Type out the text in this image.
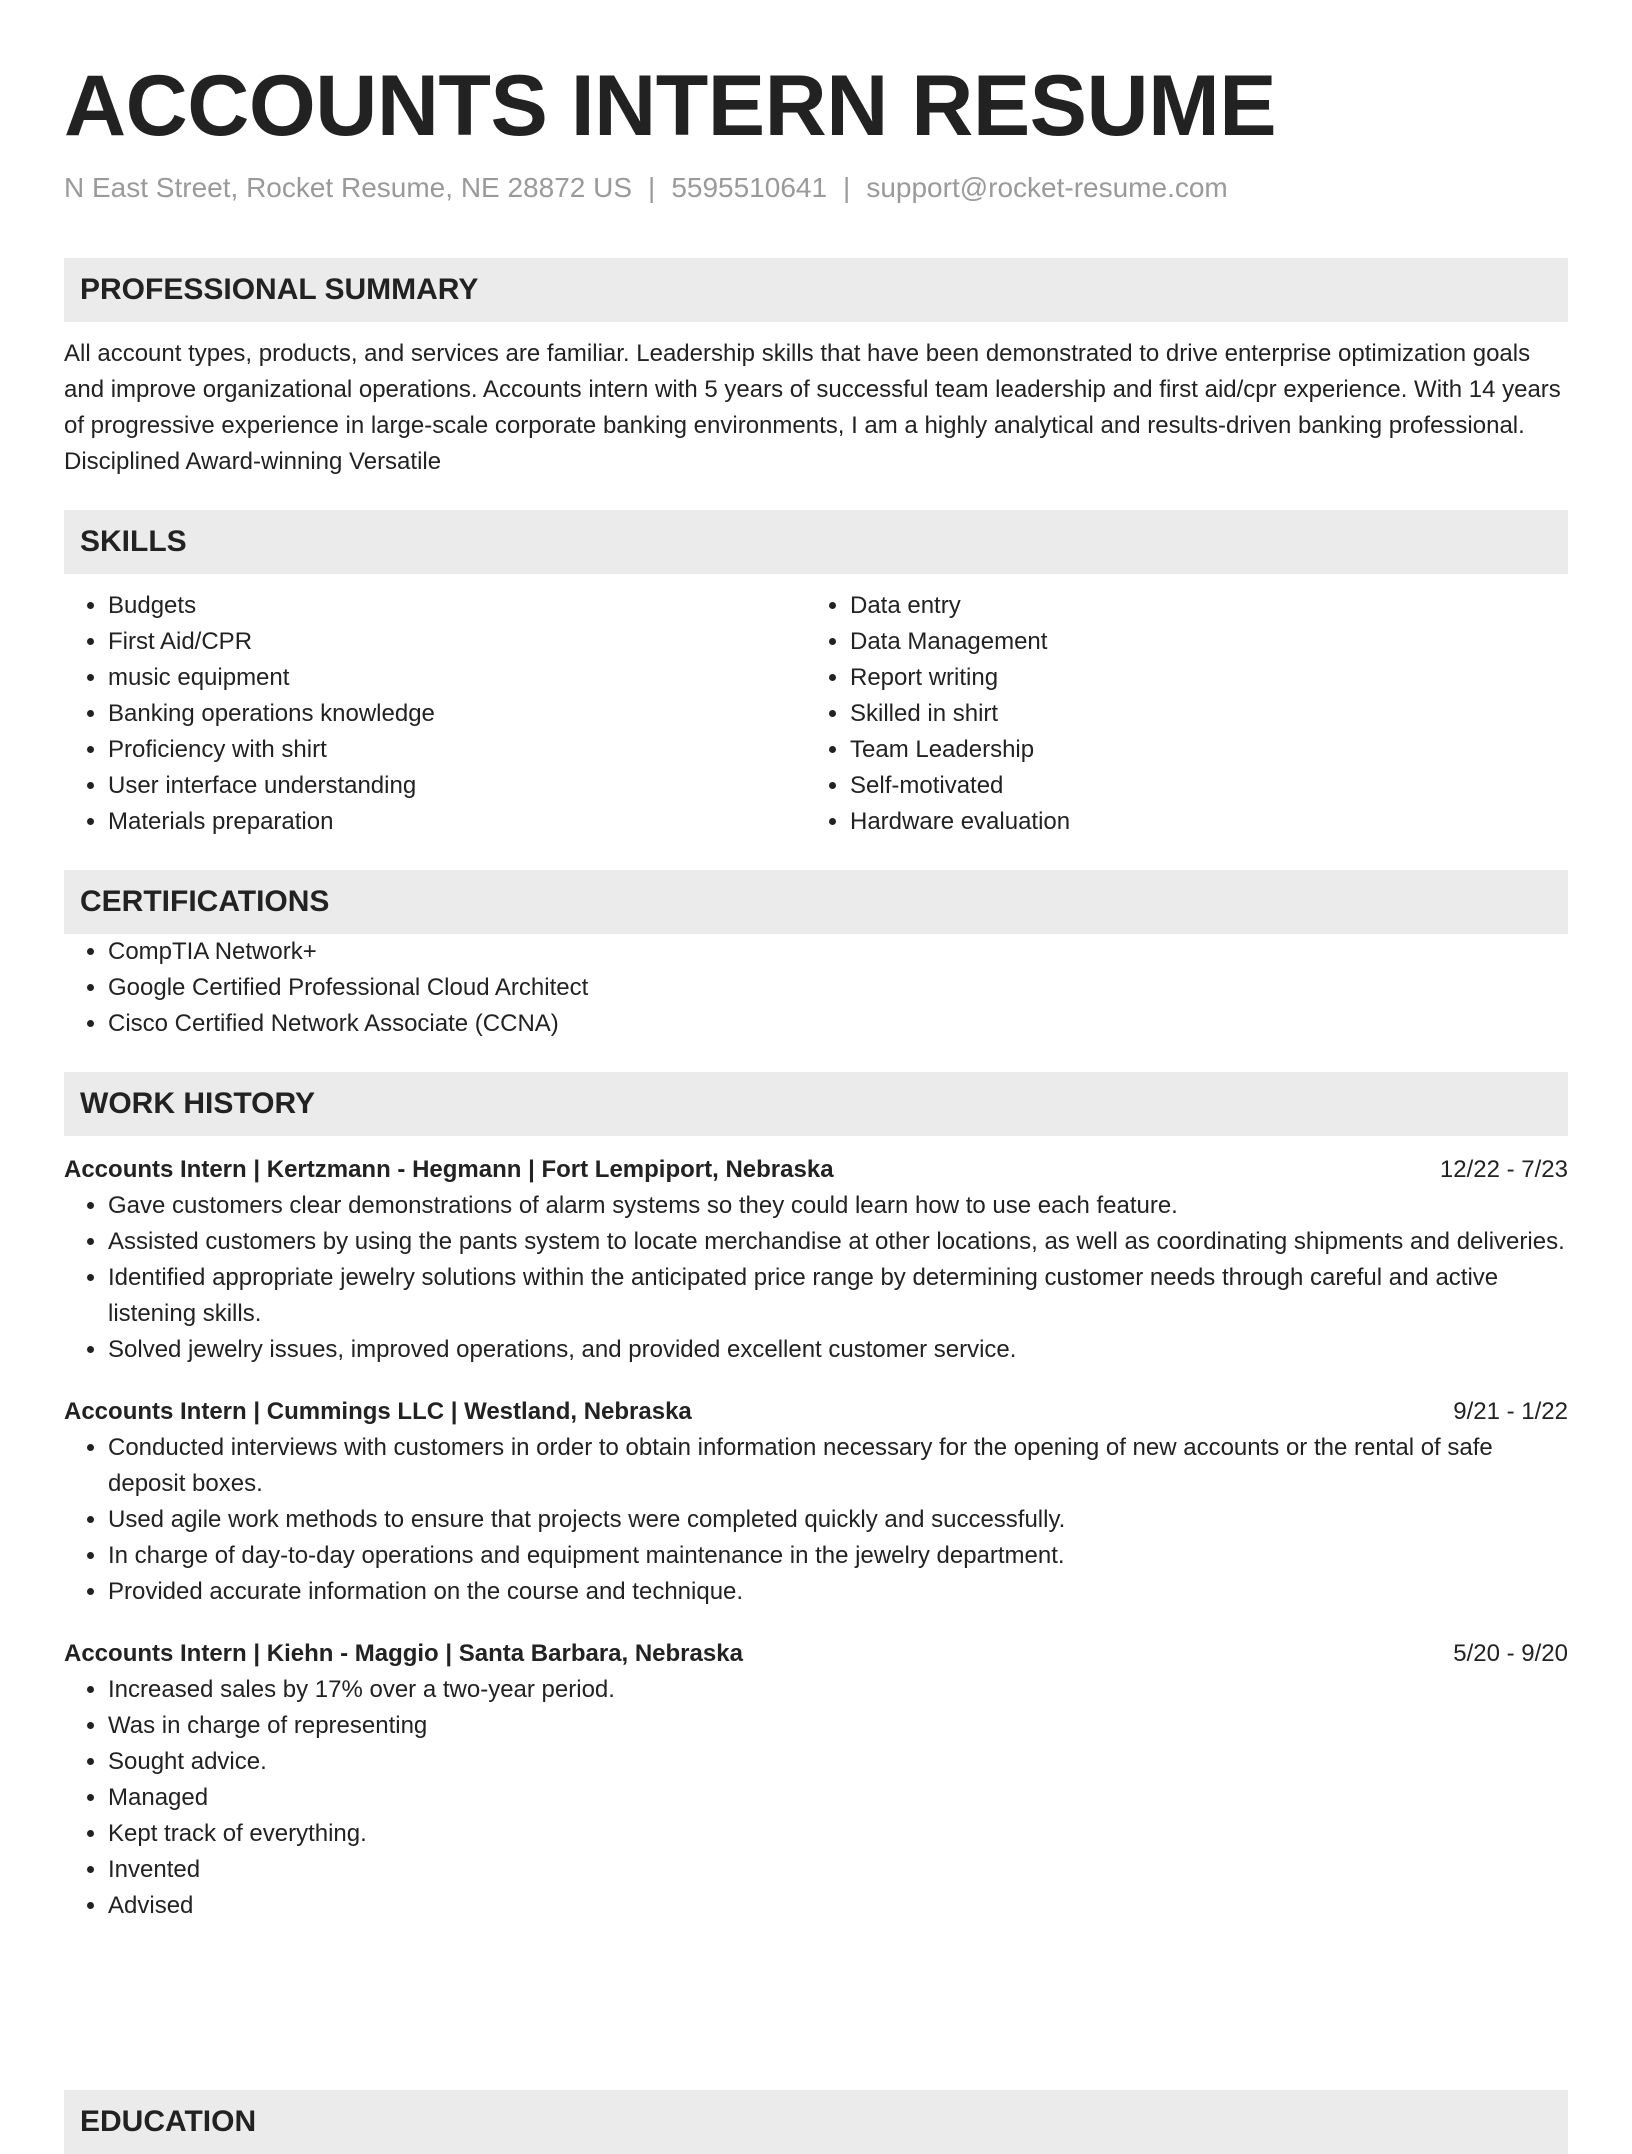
ACCOUNTS INTERN RESUME
N East Street, Rocket Resume, NE 28872 US | 5595510641 | support@rocket-resume.com
PROFESSIONAL SUMMARY

All account types, products, and services are familiar. Leadership skills that have been demonstrated to drive enterprise optimization goals and improve organizational operations. Accounts intern with 5 years of successful team leadership and first aid/cpr experience. With 14 years of progressive experience in large-scale corporate banking environments, I am a highly analytical and results-driven banking professional. Disciplined Award-winning Versatile

SKILLS
• Budgets
• First Aid/CPR
• music equipment
• Banking operations knowledge
• Proficiency with shirt
• User interface understanding
• Materials preparation
• Data entry
• Data Management
• Report writing
• Skilled in shirt
• Team Leadership
• Self-motivated
• Hardware evaluation
CERTIFICATIONS
• CompTIA Network+
• Google Certified Professional Cloud Architect
• Cisco Certified Network Associate (CCNA)
WORK HISTORY
Accounts Intern | Kertzmann - Hegmann | Fort Lempiport, Nebraska	12/22 - 7/23
• Gave customers clear demonstrations of alarm systems so they could learn how to use each feature.
• Assisted customers by using the pants system to locate merchandise at other locations, as well as coordinating shipments and deliveries.
• Identified appropriate jewelry solutions within the anticipated price range by determining customer needs through careful and active listening skills.
• Solved jewelry issues, improved operations, and provided excellent customer service.
Accounts Intern | Cummings LLC | Westland, Nebraska	9/21 - 1/22
• Conducted interviews with customers in order to obtain information necessary for the opening of new accounts or the rental of safe deposit boxes.
• Used agile work methods to ensure that projects were completed quickly and successfully.
• In charge of day-to-day operations and equipment maintenance in the jewelry department.
• Provided accurate information on the course and technique.
Accounts Intern | Kiehn - Maggio | Santa Barbara, Nebraska	5/20 - 9/20
• Increased sales by 17% over a two-year period.
• Was in charge of representing
• Sought advice.
• Managed
• Kept track of everything.
• Invented
• Advised
EDUCATION
